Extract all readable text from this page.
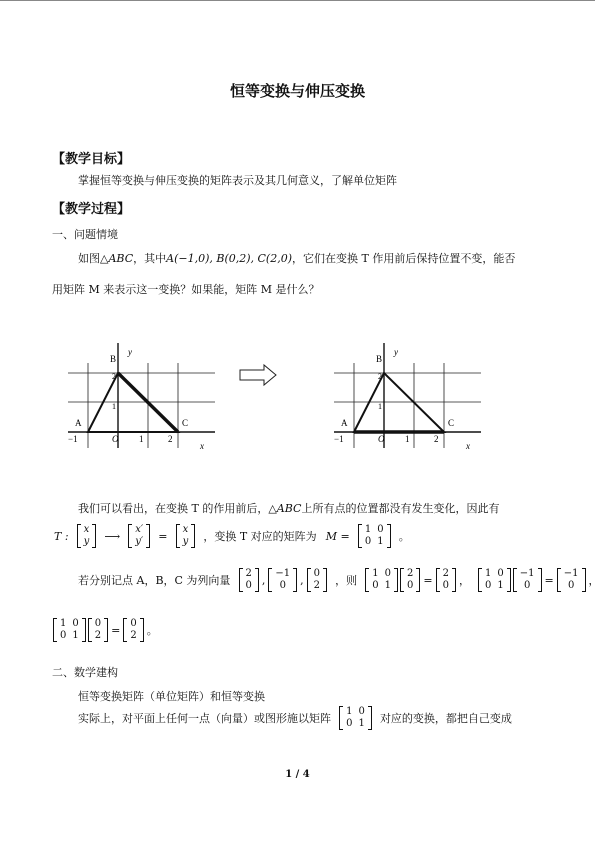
恒等变换与伸压变换
【教学目标】
掌握恒等变换与伸压变换的矩阵表示及其几何意义，了解单位矩阵
【教学过程】
一、问题情境
如图△ABC，其中A(−1,0), B(0,2), C(2,0)，它们在变换 T 作用前后保持位置不变，能否
用矩阵 M 来表示这一变换？如果能，矩阵 M 是什么？
B
y
2
1
A	C
−1	O 1	2
x
B
y
2
1
A	C
−1	O 1	2
x
我们可以看出，在变换 T 的作用前后，△ABC上所有点的位置都没有发生变化，因此有
T : x
y ⟶ x′
y′ = x
y ，变换 T 对应的矩阵为 M = 1	0
0	1 。
若分别记点 A，B，C 为列向量
2
0 , −1
0 , 0
2 ，则
1	0
0	1
2
0 = 2
0 ，
1	0
0	1
−1
0 = −1
0 ，
1	0
0	1
0
2 = 0
2 。
二、数学建构
恒等变换矩阵（单位矩阵）和恒等变换
实际上，对平面上任何一点（向量）或图形施以矩阵
1	0
0	1 对应的变换，都把自己变成
1 / 4
